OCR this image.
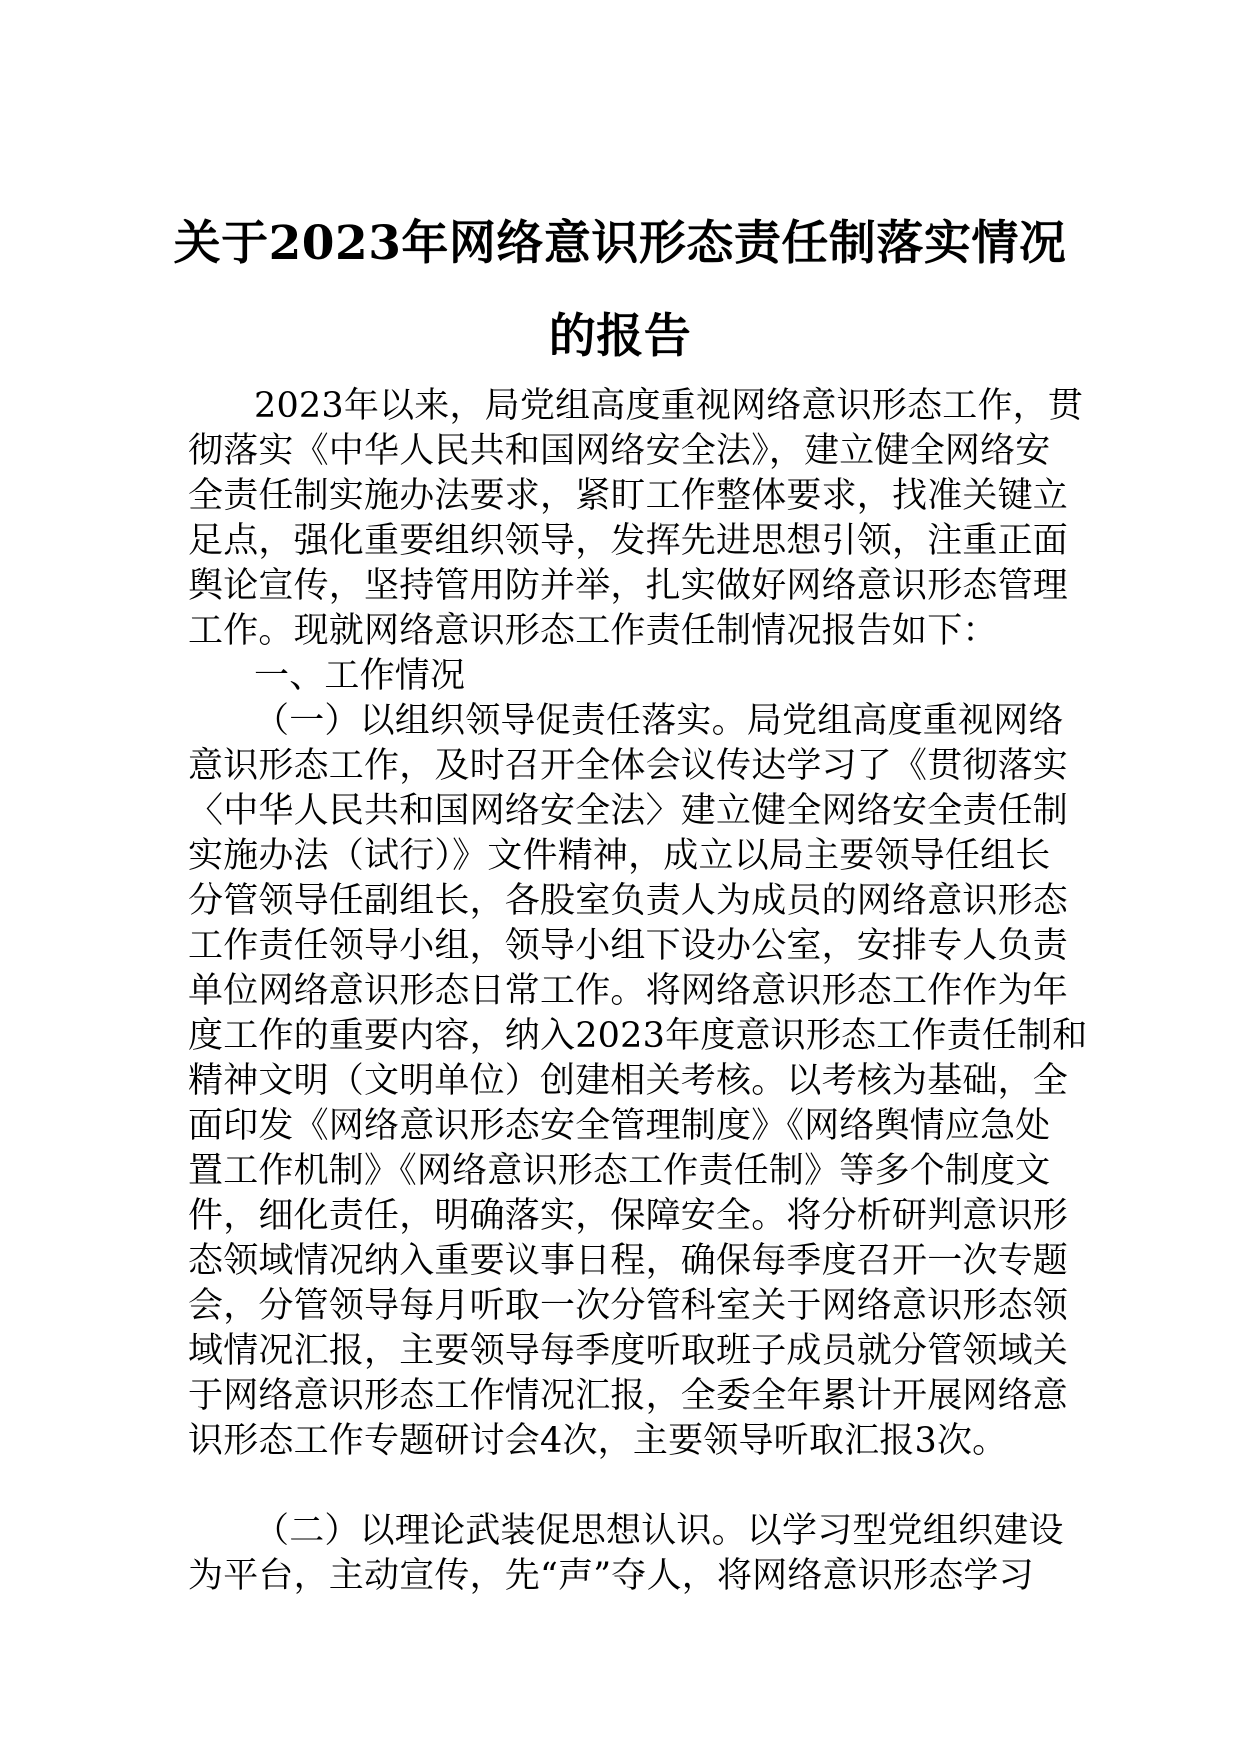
关于2023年网络意识形态责任制落实情况
的报告
2023年以来，局党组高度重视网络意识形态工作，贯
彻落实《中华人民共和国网络安全法》，建立健全网络安
全责任制实施办法要求，紧盯工作整体要求，找准关键立
足点，强化重要组织领导，发挥先进思想引领，注重正面
舆论宣传，坚持管用防并举，扎实做好网络意识形态管理
工作。现就网络意识形态工作责任制情况报告如下：
一、工作情况
（一）以组织领导促责任落实。局党组高度重视网络
意识形态工作，及时召开全体会议传达学习了《贯彻落实
〈中华人民共和国网络安全法〉建立健全网络安全责任制
实施办法（试行）》文件精神，成立以局主要领导任组长
分管领导任副组长，各股室负责人为成员的网络意识形态
工作责任领导小组，领导小组下设办公室，安排专人负责
单位网络意识形态日常工作。将网络意识形态工作作为年
度工作的重要内容，纳入2023年度意识形态工作责任制和
精神文明（文明单位）创建相关考核。以考核为基础，全
面印发《网络意识形态安全管理制度》《网络舆情应急处
置工作机制》《网络意识形态工作责任制》等多个制度文
件，细化责任，明确落实，保障安全。将分析研判意识形
态领域情况纳入重要议事日程，确保每季度召开一次专题
会，分管领导每月听取一次分管科室关于网络意识形态领
域情况汇报，主要领导每季度听取班子成员就分管领域关
于网络意识形态工作情况汇报，全委全年累计开展网络意
识形态工作专题研讨会4次，主要领导听取汇报3次。
（二）以理论武装促思想认识。以学习型党组织建设
为平台，主动宣传，先“声”夺人，将网络意识形态学习
